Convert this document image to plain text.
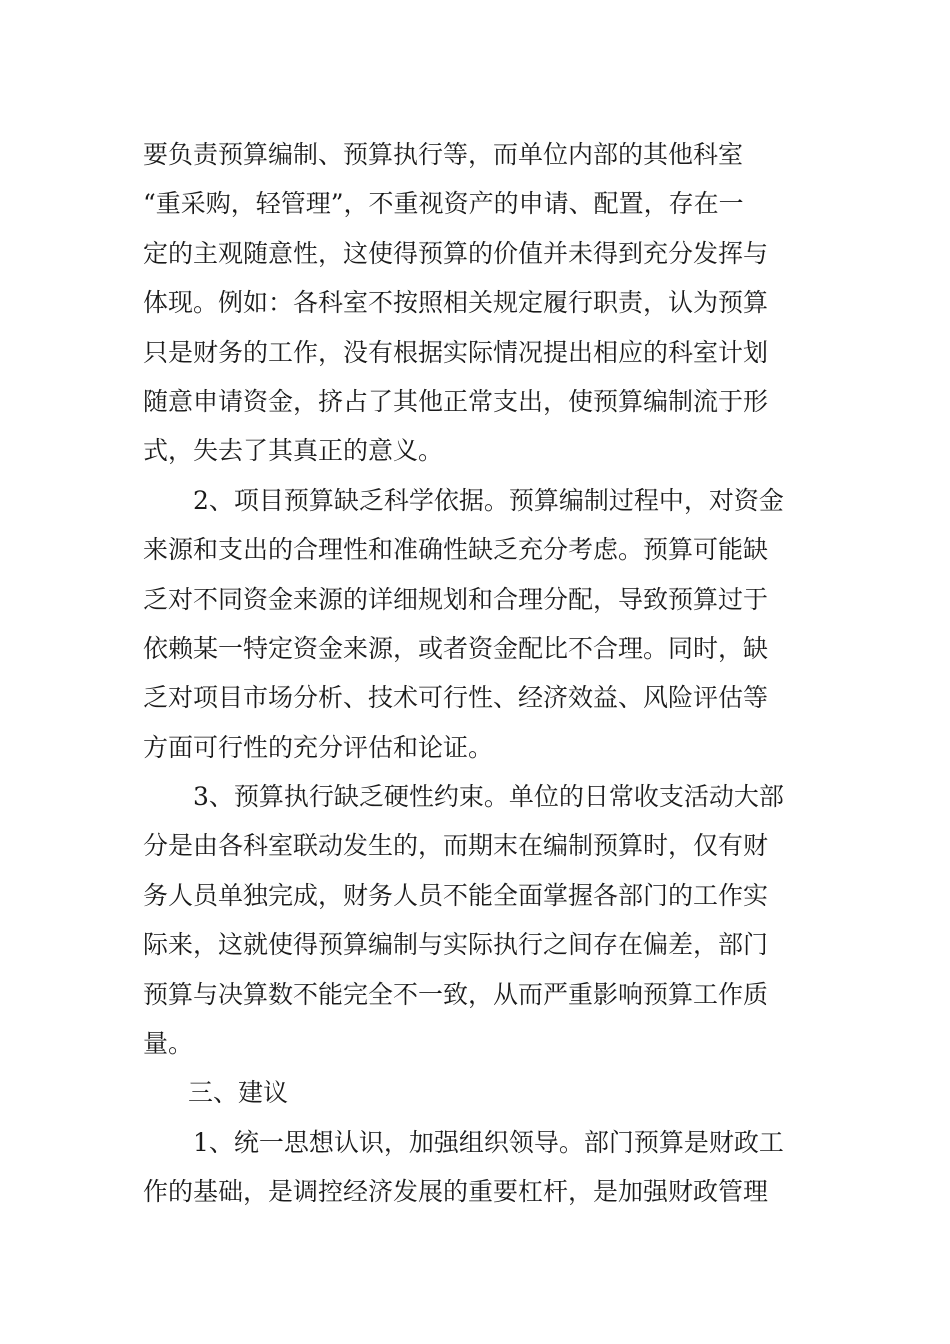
要负责预算编制、预算执行等，而单位内部的其他科室
“重采购，轻管理”，不重视资产的申请、配置，存在一
定的主观随意性，这使得预算的价值并未得到充分发挥与
体现。例如：各科室不按照相关规定履行职责，认为预算
只是财务的工作，没有根据实际情况提出相应的科室计划
随意申请资金，挤占了其他正常支出，使预算编制流于形
式，失去了其真正的意义。
2、项目预算缺乏科学依据。预算编制过程中，对资金
来源和支出的合理性和准确性缺乏充分考虑。预算可能缺
乏对不同资金来源的详细规划和合理分配，导致预算过于
依赖某一特定资金来源，或者资金配比不合理。同时，缺
乏对项目市场分析、技术可行性、经济效益、风险评估等
方面可行性的充分评估和论证。
3、预算执行缺乏硬性约束。单位的日常收支活动大部
分是由各科室联动发生的，而期末在编制预算时，仅有财
务人员单独完成，财务人员不能全面掌握各部门的工作实
际来，这就使得预算编制与实际执行之间存在偏差，部门
预算与决算数不能完全不一致，从而严重影响预算工作质
量。
三、建议
1、统一思想认识，加强组织领导。部门预算是财政工
作的基础，是调控经济发展的重要杠杆，是加强财政管理
